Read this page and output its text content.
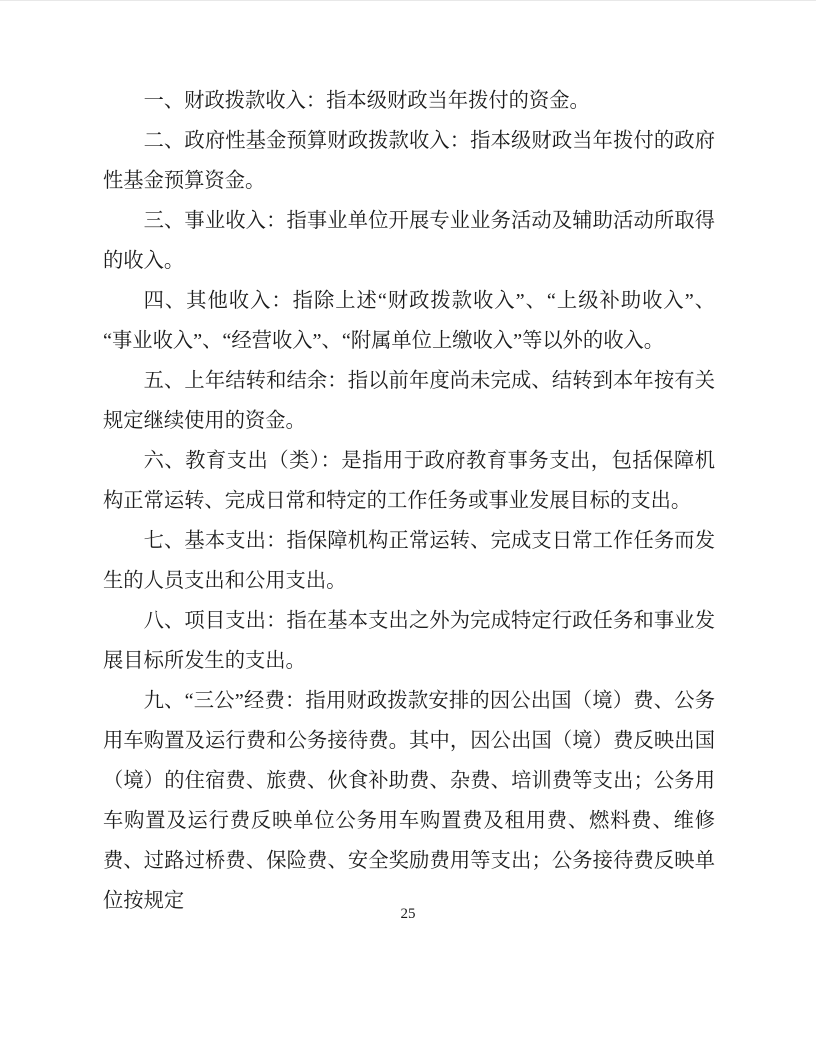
一、财政拨款收入：指本级财政当年拨付的资金。

二、政府性基金预算财政拨款收入：指本级财政当年拨付的政府性基金预算资金。

三、事业收入：指事业单位开展专业业务活动及辅助活动所取得的收入。

四、其他收入：指除上述“财政拨款收入”、“上级补助收入”、“事业收入”、“经营收入”、“附属单位上缴收入”等以外的收入。

五、上年结转和结余：指以前年度尚未完成、结转到本年按有关规定继续使用的资金。

六、教育支出（类）：是指用于政府教育事务支出，包括保障机构正常运转、完成日常和特定的工作任务或事业发展目标的支出。

七、基本支出：指保障机构正常运转、完成支日常工作任务而发生的人员支出和公用支出。

八、项目支出：指在基本支出之外为完成特定行政任务和事业发展目标所发生的支出。

九、“三公”经费：指用财政拨款安排的因公出国（境）费、公务用车购置及运行费和公务接待费。其中，因公出国（境）费反映出国（境）的住宿费、旅费、伙食补助费、杂费、培训费等支出；公务用车购置及运行费反映单位公务用车购置费及租用费、燃料费、维修费、过路过桥费、保险费、安全奖励费用等支出；公务接待费反映单位按规定

25
